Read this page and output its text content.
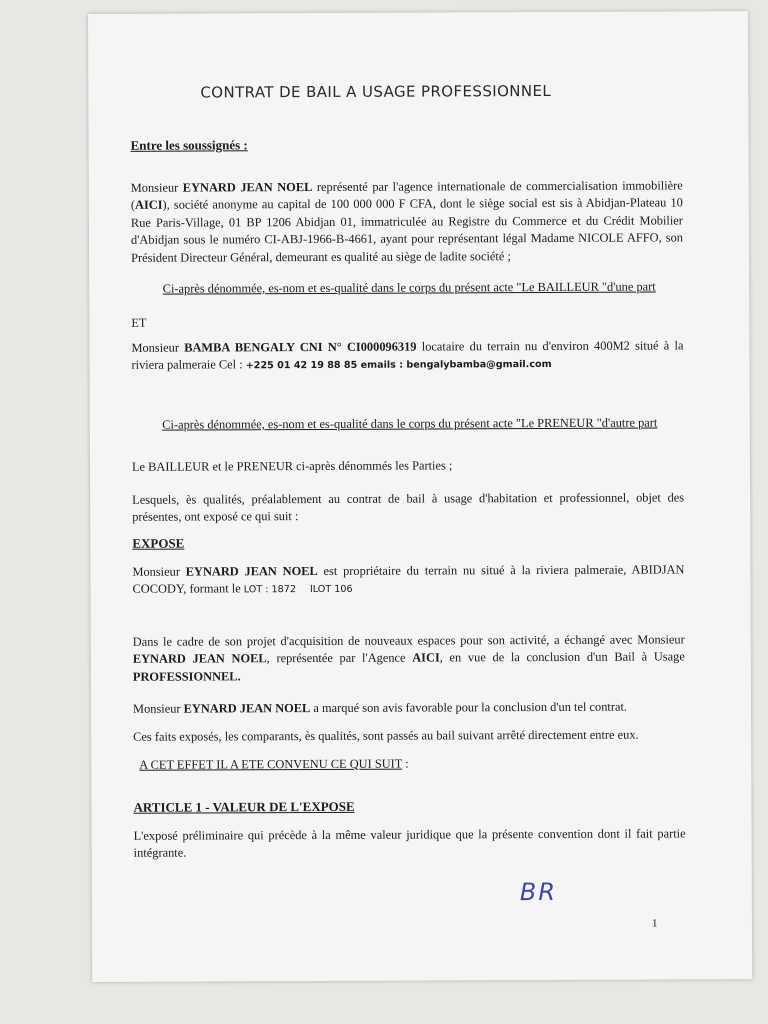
CONTRAT DE BAIL A USAGE PROFESSIONNEL
Entre les soussignés :
Monsieur EYNARD JEAN NOEL représenté par l'agence internationale de commercialisation immobilière (AICI), société anonyme au capital de 100 000 000 F CFA, dont le siège social est sis à Abidjan-Plateau 10 Rue Paris-Village, 01 BP 1206 Abidjan 01, immatriculée au Registre du Commerce et du Crédit Mobilier d'Abidjan sous le numéro CI-ABJ-1966-B-4661, ayant pour représentant légal Madame NICOLE AFFO, son Président Directeur Général, demeurant es qualité au siège de ladite société ;
Ci-après dénommée, es-nom et es-qualité dans le corps du présent acte "Le BAILLEUR "d'une part
ET
Monsieur BAMBA BENGALY CNI N° CI000096319 locataire du terrain nu d'environ 400M2 situé à la riviera palmeraie Cel : +225 01 42 19 88 85 emails : bengalybamba@gmail.com
Ci-après dénommée, es-nom et es-qualité dans le corps du présent acte "Le PRENEUR "d'autre part
Le BAILLEUR et le PRENEUR ci-après dénommés les Parties ;
Lesquels, ès qualités, préalablement au contrat de bail à usage d'habitation et professionnel, objet des présentes, ont exposé ce qui suit :
EXPOSE
Monsieur EYNARD JEAN NOEL est propriétaire du terrain nu situé à la riviera palmeraie, ABIDJAN COCODY, formant le LOT : 1872 ILOT 106
Dans le cadre de son projet d'acquisition de nouveaux espaces pour son activité, a échangé avec Monsieur EYNARD JEAN NOEL, représentée par l'Agence AICI, en vue de la conclusion d'un Bail à Usage PROFESSIONNEL.
Monsieur EYNARD JEAN NOEL a marqué son avis favorable pour la conclusion d'un tel contrat.
Ces faits exposés, les comparants, ès qualités, sont passés au bail suivant arrêté directement entre eux.
A CET EFFET IL A ETE CONVENU CE QUI SUIT :
ARTICLE 1 - VALEUR DE L'EXPOSE
L'exposé préliminaire qui précède à la même valeur juridique que la présente convention dont il fait partie intégrante.
BR
1
